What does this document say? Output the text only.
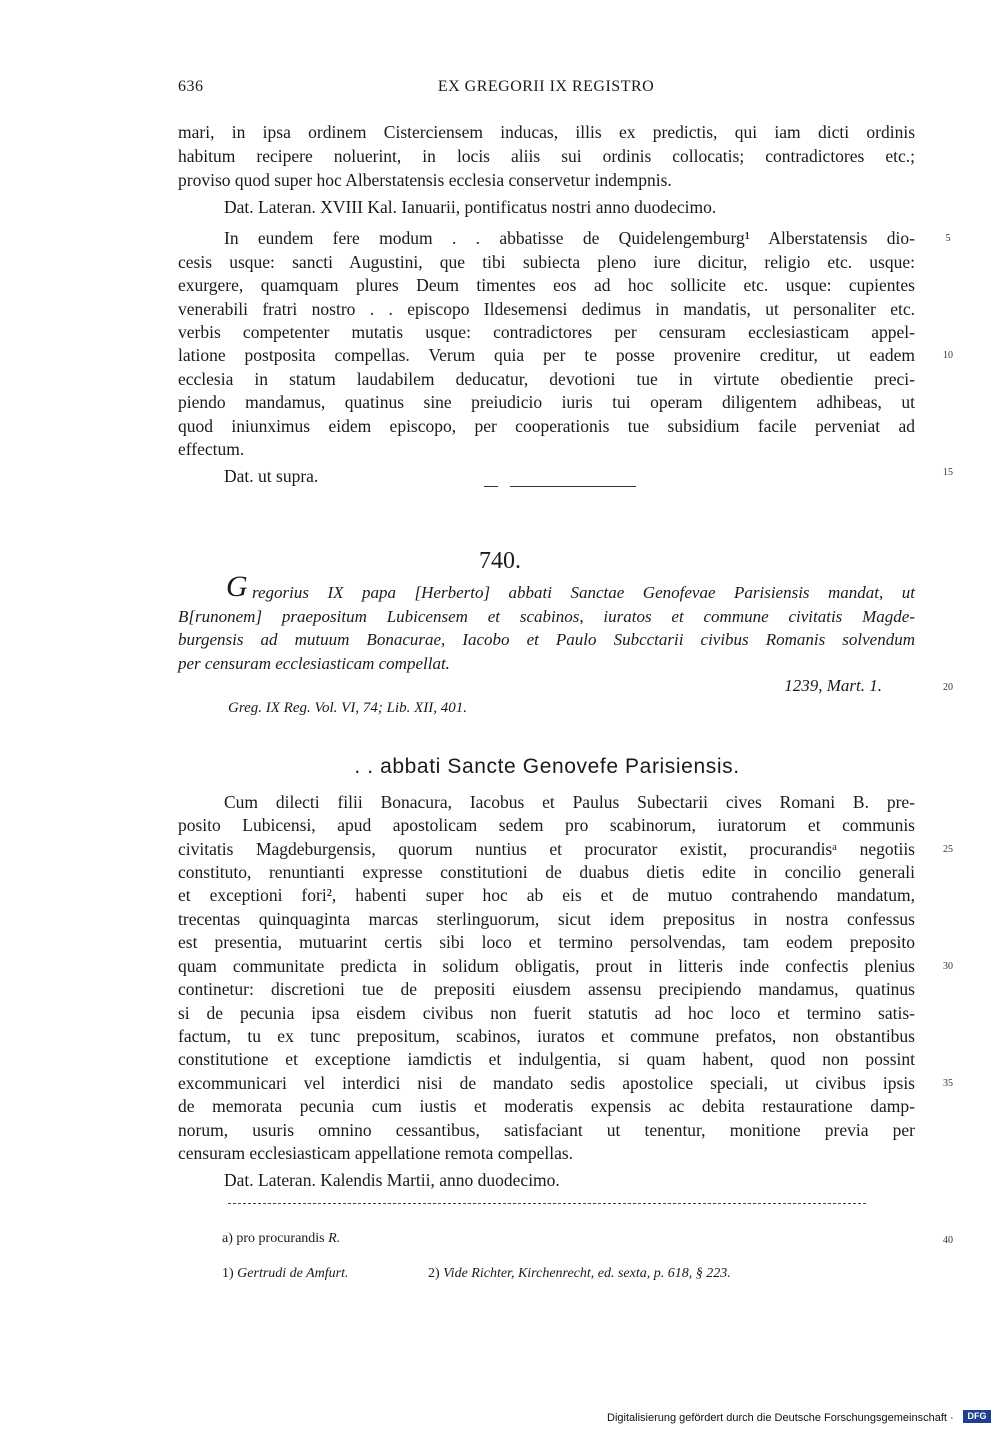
636	EX GREGORII IX REGISTRO
mari, in ipsa ordinem Cisterciensem inducas, illis ex predictis, qui iam dicti ordinis
habitum recipere noluerint, in locis aliis sui ordinis collocatis; contradictores etc.;
proviso quod super hoc Alberstatensis ecclesia conservetur indempnis.
Dat. Lateran. XVIII Kal. Ianuarii, pontificatus nostri anno duodecimo.
In eundem fere modum . . abbatisse de Quidelengemburg¹ Alberstatensis dio-
cesis usque: sancti Augustini, que tibi subiecta pleno iure dicitur, religio etc. usque:
exurgere, quamquam plures Deum timentes eos ad hoc sollicite etc. usque: cupientes
venerabili fratri nostro . . episcopo Ildesemensi dedimus in mandatis, ut personaliter etc.
verbis competenter mutatis usque: contradictores per censuram ecclesiasticam appel-
latione postposita compellas. Verum quia per te posse provenire creditur, ut eadem
ecclesia in statum laudabilem deducatur, devotioni tue in virtute obedientie preci-
piendo mandamus, quatinus sine preiudicio iuris tui operam diligentem adhibeas, ut
quod iniunximus eidem episcopo, per cooperationis tue subsidium facile perveniat ad
effectum.
Dat. ut supra.
740.
G regorius IX papa [Herberto] abbati Sanctae Genofevae Parisiensis mandat, ut
B[runonem] praepositum Lubicensem et scabinos, iuratos et commune civitatis Magde-
burgensis ad mutuum Bonacurae, Iacobo et Paulo Subcctarii civibus Romanis solvendum
per censuram ecclesiasticam compellat.
1239, Mart. 1.
Greg. IX Reg. Vol. VI, 74; Lib. XII, 401.
. . abbati Sancte Genovefe Parisiensis.
Cum dilecti filii Bonacura, Iacobus et Paulus Subectarii cives Romani B. pre-
posito Lubicensi, apud apostolicam sedem pro scabinorum, iuratorum et communis
civitatis Magdeburgensis, quorum nuntius et procurator existit, procurandisᵃ negotiis
constituto, renuntianti expresse constitutioni de duabus dietis edite in concilio generali
et exceptioni fori², habenti super hoc ab eis et de mutuo contrahendo mandatum,
trecentas quinquaginta marcas sterlinguorum, sicut idem prepositus in nostra confessus
est presentia, mutuarint certis sibi loco et termino persolvendas, tam eodem preposito
quam communitate predicta in solidum obligatis, prout in litteris inde confectis plenius
continetur: discretioni tue de prepositi eiusdem assensu precipiendo mandamus, quatinus
si de pecunia ipsa eisdem civibus non fuerit statutis ad hoc loco et termino satis-
factum, tu ex tunc prepositum, scabinos, iuratos et commune prefatos, non obstantibus
constitutione et exceptione iamdictis et indulgentia, si quam habent, quod non possint
excommunicari vel interdici nisi de mandato sedis apostolice speciali, ut civibus ipsis
de memorata pecunia cum iustis et moderatis expensis ac debita restauratione damp-
norum, usuris omnino cessantibus, satisfaciant ut tenentur, monitione previa per
censuram ecclesiasticam appellatione remota compellas.
Dat. Lateran. Kalendis Martii, anno duodecimo.
a) pro procurandis R.
1) Gertrudi de Amfurt.	2) Vide Richter, Kirchenrecht, ed. sexta, p. 618, § 223.
5
10
15
20
25
30
35
40
Digitalisierung gefördert durch die Deutsche Forschungsgemeinschaft ·	DFG
